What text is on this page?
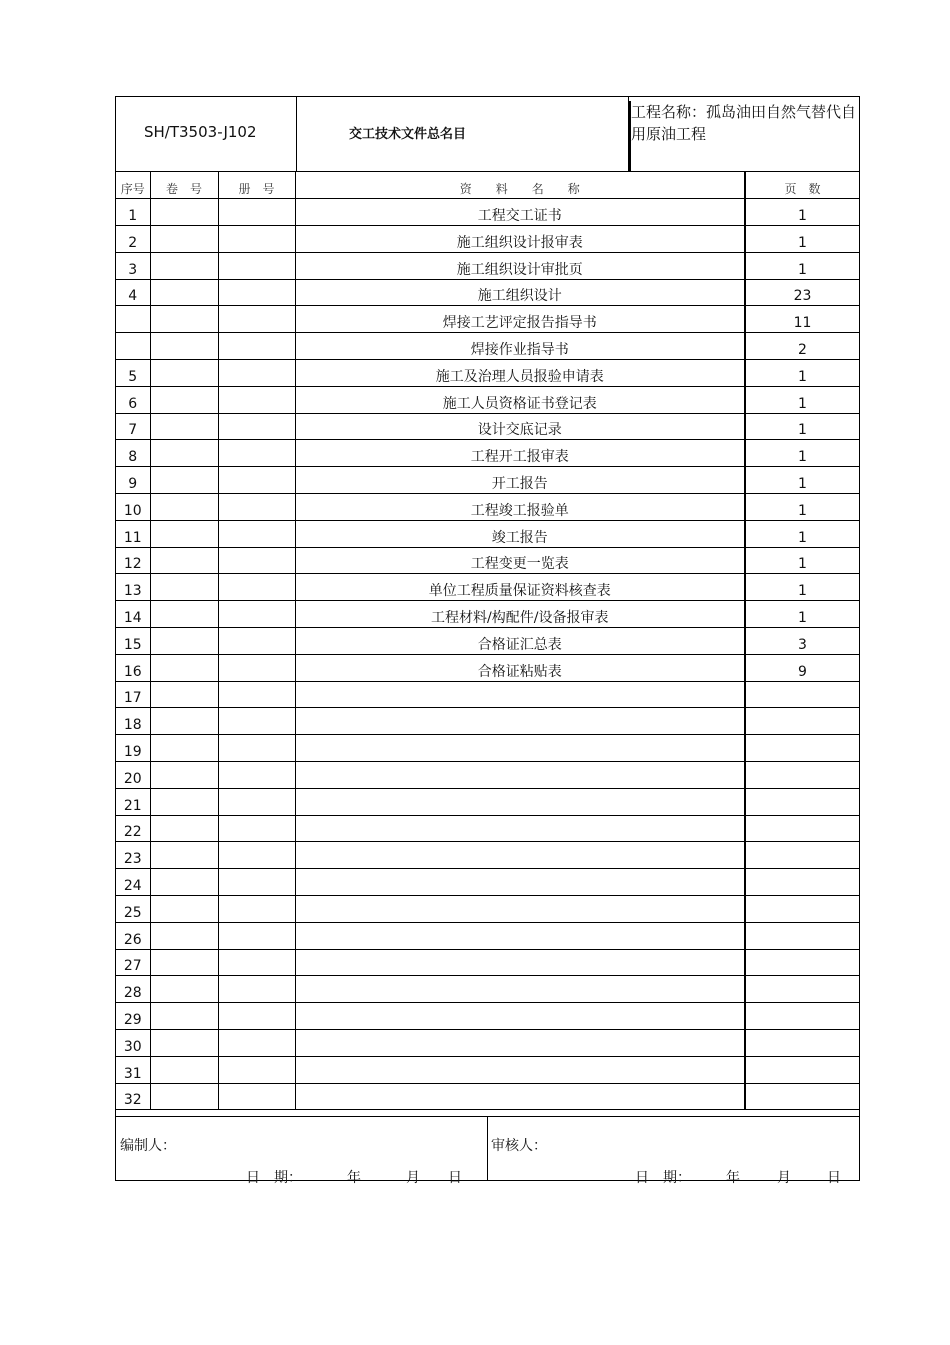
SH/T3503-J102	交工技术文件总名目
工程名称：孤岛油田自然气替代自用原油工程
序号	卷　号	册　号	资　　料　　名　　称	页　数
1			工程交工证书	1
2			施工组织设计报审表	1
3			施工组织设计审批页	1
4			施工组织设计	23
			焊接工艺评定报告指导书	11
			焊接作业指导书	2
5			施工及治理人员报验申请表	1
6			施工人员资格证书登记表	1
7			设计交底记录	1
8			工程开工报审表	1
9			开工报告	1
10			工程竣工报验单	1
11			竣工报告	1
12			工程变更一览表	1
13			单位工程质量保证资料核查表	1
14			工程材料/构配件/设备报审表	1
15			合格证汇总表	3
16			合格证粘贴表	9
17				
18				
19				
20				
21				
22				
23				
24				
25				
26				
27				
28				
29				
30				
31				
32				
编制人：
日　期：	年	月 日
审核人：
日　期：	年	月	日
